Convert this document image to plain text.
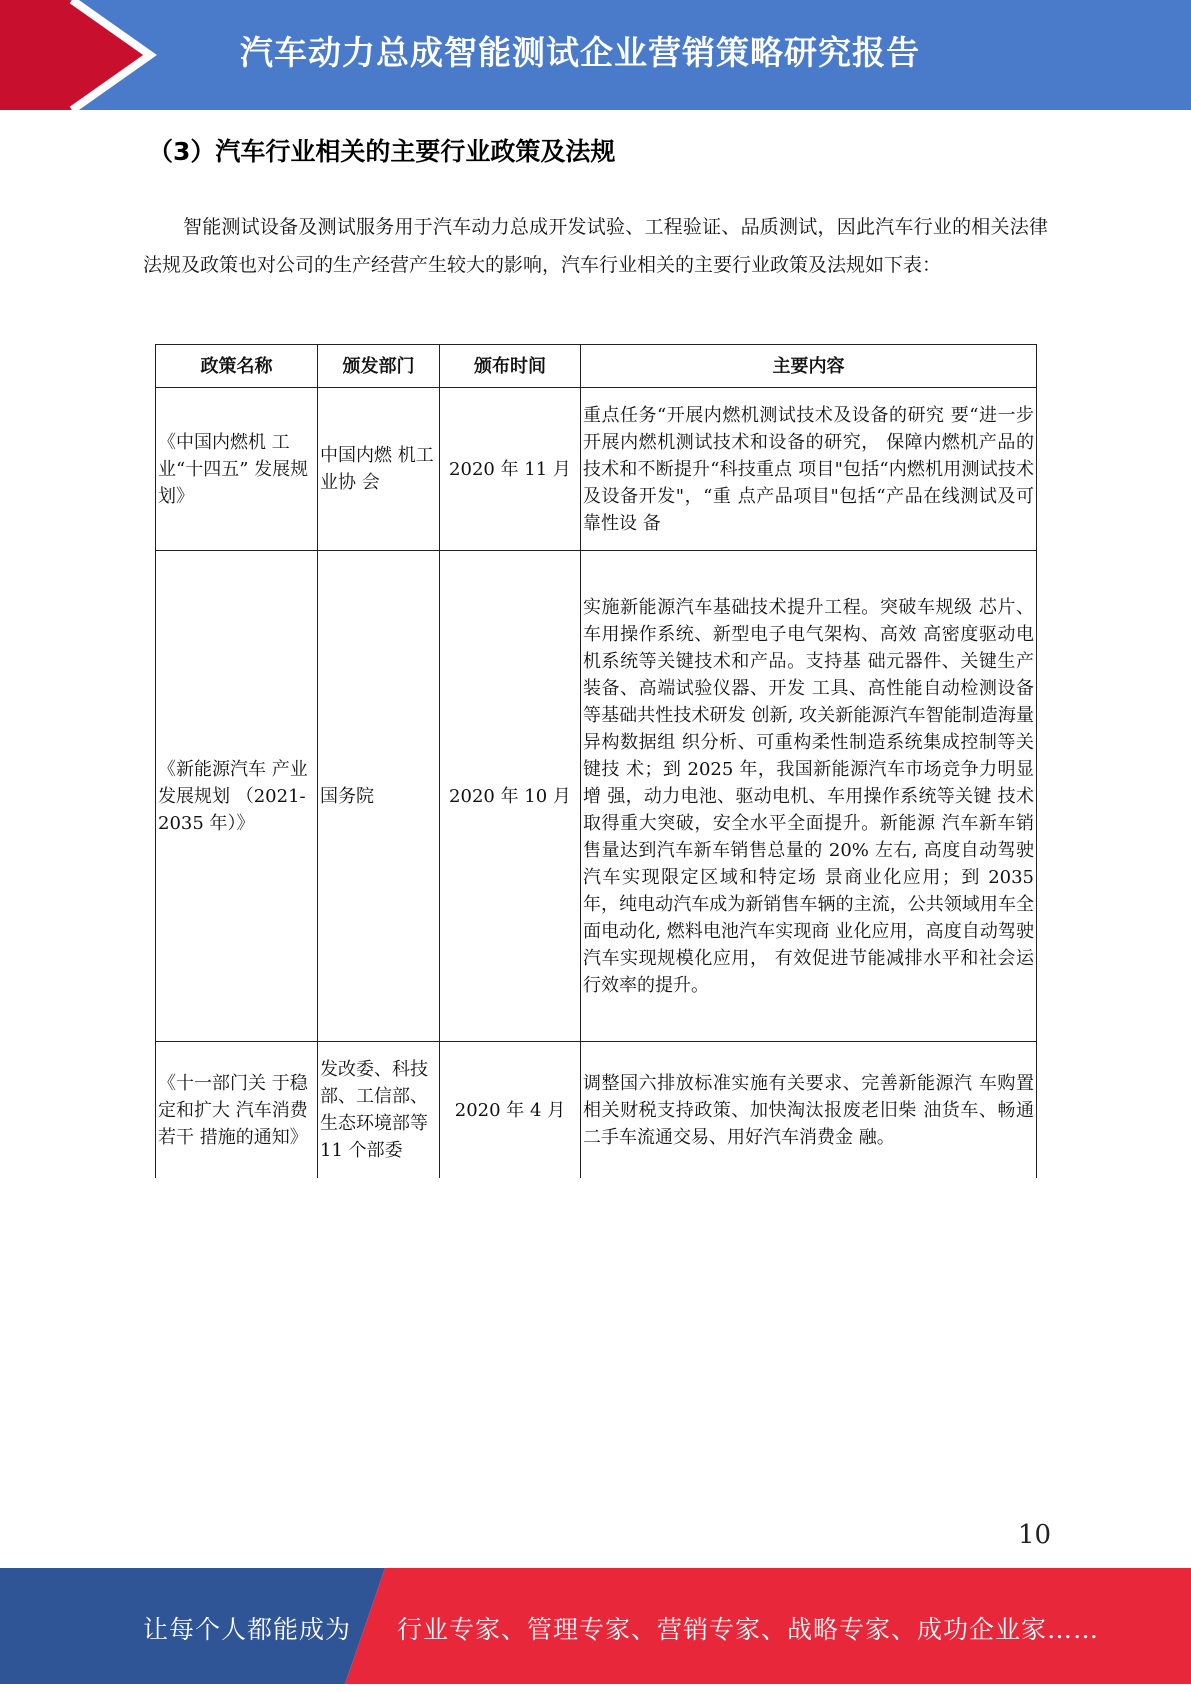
汽车动力总成智能测试企业营销策略研究报告
（3）汽车行业相关的主要行业政策及法规
智能测试设备及测试服务用于汽车动力总成开发试验、工程验证、品质测试，因此汽车行业的相关法律法规及政策也对公司的生产经营产生较大的影响，汽车行业相关的主要行业政策及法规如下表：
政策名称	颁发部门	颁布时间	主要内容
《中国内燃机 工业“十四五” 发展规划》	中国内燃 机工业协 会	2020 年 11 月	重点任务“开展内燃机测试技术及设备的研究 要“进一步开展内燃机测试技术和设备的研究， 保障内燃机产品的技术和不断提升“科技重点 项目"包括“内燃机用测试技术及设备开发"，“重 点产品项目"包括“产品在线测试及可靠性设 备
《新能源汽车 产业发展规划 （2021-2035 年）》	国务院	2020 年 10 月	实施新能源汽车基础技术提升工程。突破车规级 芯片、车用操作系统、新型电子电气架构、高效 高密度驱动电机系统等关键技术和产品。支持基 础元器件、关键生产装备、高端试验仪器、开发 工具、高性能自动检测设备等基础共性技术研发 创新, 攻关新能源汽车智能制造海量异构数据组 织分析、可重构柔性制造系统集成控制等关键技 术；到 2025 年，我国新能源汽车市场竞争力明显增 强，动力电池、驱动电机、车用操作系统等关键 技术取得重大突破，安全水平全面提升。新能源 汽车新车销售量达到汽车新车销售总量的 20% 左右, 高度自动驾驶汽车实现限定区域和特定场 景商业化应用；到 2035 年，纯电动汽车成为新销售车辆的主流，公共领域用车全面电动化, 燃料电池汽车实现商 业化应用，高度自动驾驶汽车实现规模化应用， 有效促进节能减排水平和社会运行效率的提升。
《十一部门关 于稳定和扩大 汽车消费若干 措施的通知》	发改委、科技部、工信部、生态环境部等 11 个部委	2020 年 4 月	调整国六排放标准实施有关要求、完善新能源汽 车购置相关财税支持政策、加快淘汰报废老旧柴 油货车、畅通二手车流通交易、用好汽车消费金 融。
10
让每个人都能成为 行业专家、管理专家、营销专家、战略专家、成功企业家……
